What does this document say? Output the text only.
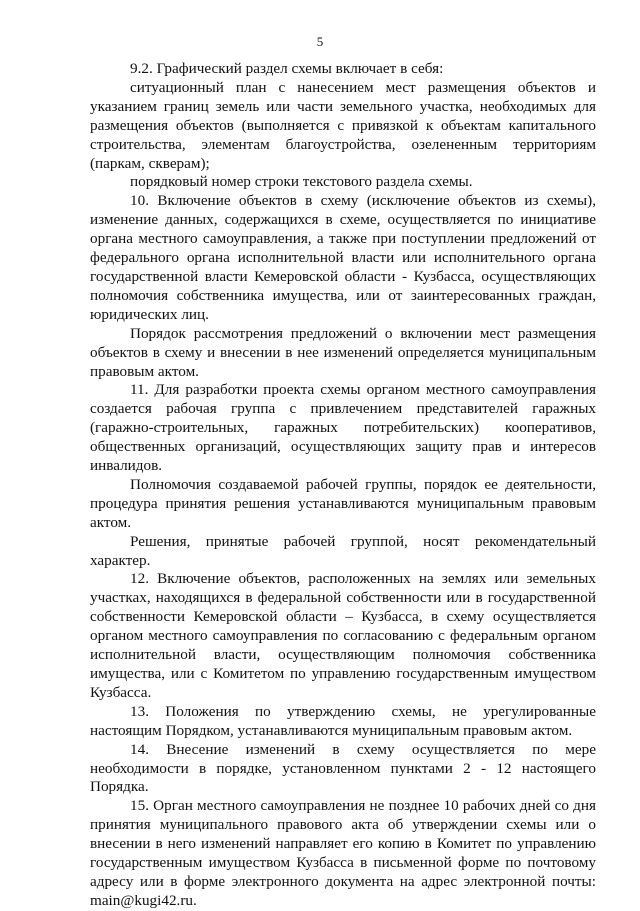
5

9.2. Графический раздел схемы включает в себя:

ситуационный план с нанесением мест размещения объектов и указанием границ земель или части земельного участка, необходимых для размещения объектов (выполняется с привязкой к объектам капитального строительства, элементам благоустройства, озелененным территориям (паркам, скверам);

порядковый номер строки текстового раздела схемы.

10. Включение объектов в схему (исключение объектов из схемы), изменение данных, содержащихся в схеме, осуществляется по инициативе органа местного самоуправления, а также при поступлении предложений от федерального органа исполнительной власти или исполнительного органа государственной власти Кемеровской области - Кузбасса, осуществляющих полномочия собственника имущества, или от заинтересованных граждан, юридических лиц.

Порядок рассмотрения предложений о включении мест размещения объектов в схему и внесении в нее изменений определяется муниципальным правовым актом.

11. Для разработки проекта схемы органом местного самоуправления создается рабочая группа с привлечением представителей гаражных (гаражно-строительных, гаражных потребительских) кооперативов, общественных организаций, осуществляющих защиту прав и интересов инвалидов.

Полномочия создаваемой рабочей группы, порядок ее деятельности, процедура принятия решения устанавливаются муниципальным правовым актом.

Решения, принятые рабочей группой, носят рекомендательный характер.

12. Включение объектов, расположенных на землях или земельных участках, находящихся в федеральной собственности или в государственной собственности Кемеровской области – Кузбасса, в схему осуществляется органом местного самоуправления по согласованию с федеральным органом исполнительной власти, осуществляющим полномочия собственника имущества, или с Комитетом по управлению государственным имуществом Кузбасса.

13. Положения по утверждению схемы, не урегулированные настоящим Порядком, устанавливаются муниципальным правовым актом.

14. Внесение изменений в схему осуществляется по мере необходимости в порядке, установленном пунктами 2 - 12 настоящего Порядка.

15. Орган местного самоуправления не позднее 10 рабочих дней со дня принятия муниципального правового акта об утверждении схемы или о внесении в него изменений направляет его копию в Комитет по управлению государственным имуществом Кузбасса в письменной форме по почтовому адресу или в форме электронного документа на адрес электронной почты: main@kugi42.ru.
